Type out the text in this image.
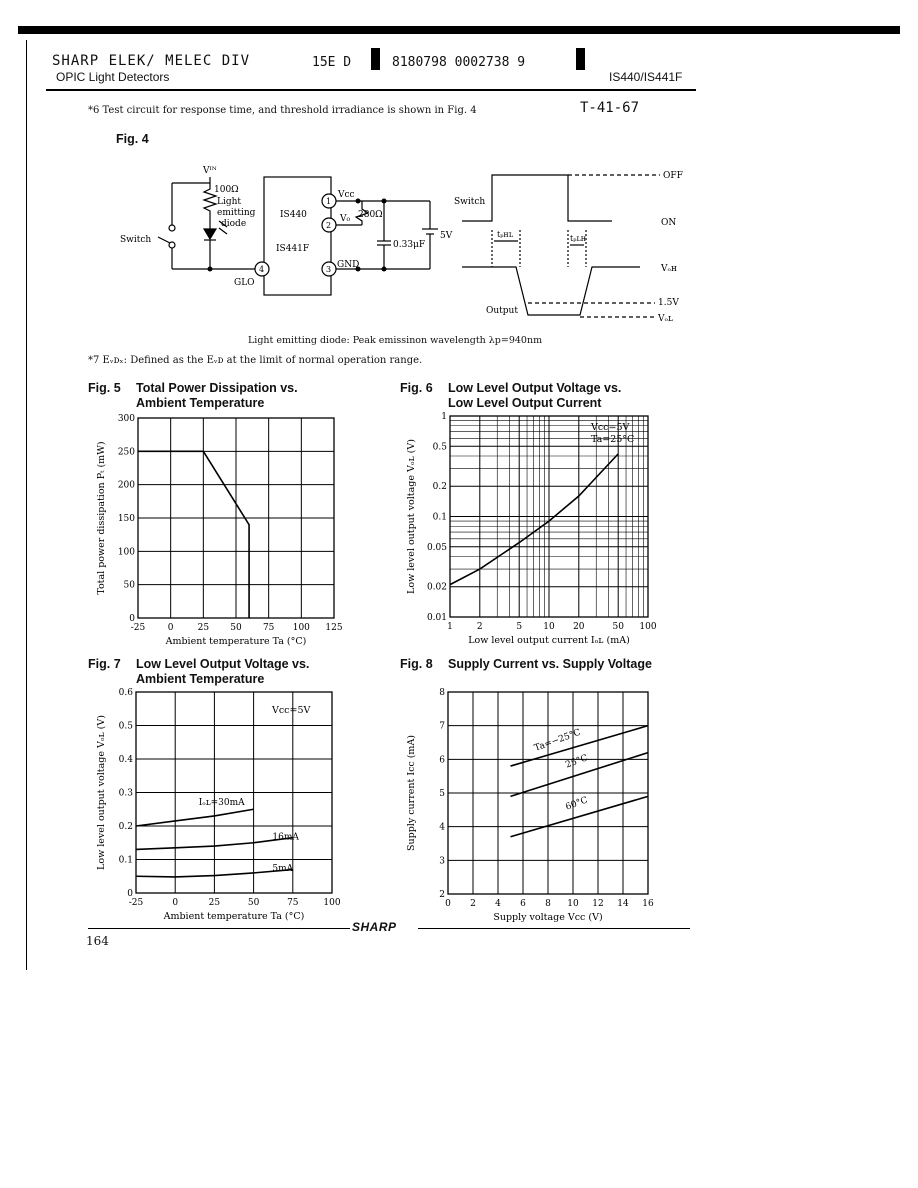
SHARP ELEK/ MELEC DIV	15E D	8180798 0002738 9
OPIC Light Detectors	IS440/IS441F
T-41-67
*6 Test circuit for response time, and threshold irradiance is shown in Fig. 4
Fig. 4
Vᴵᴺ
100Ω
Light
emitting
diode
Switch
IS440
IS441F
Vcc
V₀ 280Ω
0.33μF
5V
GND
GLO
1
2
3
4
Switch
OFF
ON
tₚʜʟ	tₚʟʜ
Vₒʜ
1.5V
Vₒʟ
Output
Light emitting diode: Peak emissinon wavelength λp=940nm
*7 Eᵥᴅₓ: Defined as the Eᵥᴅ at the limit of normal operation range.
Fig. 5 Total Power Dissipation vs.
Ambient Temperature
Fig. 6 Low Level Output Voltage vs.
Low Level Output Current
Fig. 7 Low Level Output Voltage vs.
Ambient Temperature
Fig. 8 Supply Current vs. Supply Voltage
-25	0	25 50 75 100 125
0
50
100
150
200
250
300
Ambient temperature Ta (°C)
Total power dissipation Pₜ (mW)
1	2	5 10 20	50 100
0.01
0.02
0.05
0.1
0.2
0.5
1
Low level output current Iₒʟ (mA)
Low level output voltage Vₒʟ (V)
Vcc=5V
Ta=25°C
-25	0	25	50	75	100
0
0.1
0.2
0.3
0.4
0.5
0.6
Ambient temperature Ta (°C)
Low level output voltage Vₒʟ (V)	Iₒʟ=30mA
16mA
5mA
Vcc=5V
0 2 4 6 8 10 12 14 16
2
3
4
5
6
7
8
Supply voltage Vcc (V)
Supply current Icc (mA)	Ta=−25°C
25°C
60°C
SHARP
164
